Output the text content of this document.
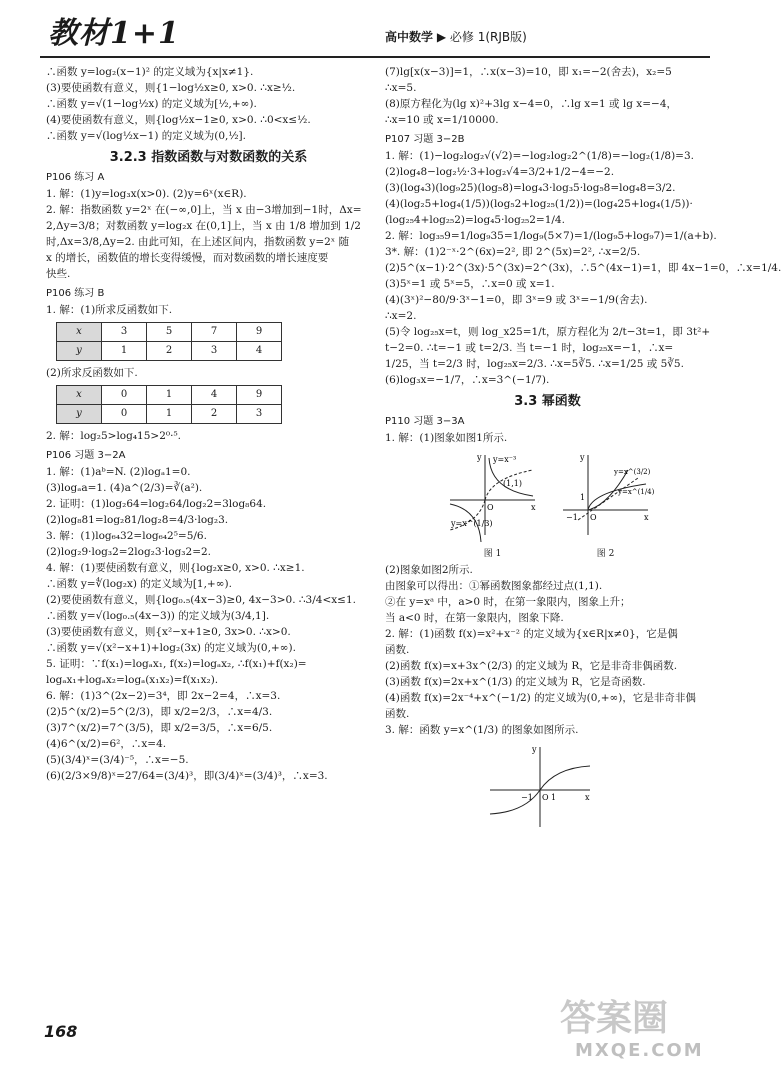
教材1+1	高中数学 ▶ 必修 1(RJB版)
∴函数 y=log₂(x−1)² 的定义域为{x|x≠1}.
(3)要使函数有意义，则{1−log½x≥0, x>0. ∴x≥½.
∴函数 y=√(1−log½x) 的定义域为[½,+∞).
(4)要使函数有意义，则{log½x−1≥0, x>0. ∴0<x≤½.
∴函数 y=√(log½x−1) 的定义域为(0,½].
3.2.3 指数函数与对数函数的关系
P106 练习 A
1. 解：(1)y=log₃x(x>0). (2)y=6ˣ(x∈R).
2. 解：指数函数 y=2ˣ 在(−∞,0]上，当 x 由−3增加到−1时，Δx=
2,Δy=3/8；对数函数 y=log₂x 在(0,1]上，当 x 由 1/8 增加到 1/2
时,Δx=3/8,Δy=2. 由此可知，在上述区间内，指数函数 y=2ˣ 随
x 的增长，函数值的增长变得缓慢，而对数函数的增长速度要
快些.
P106 练习 B
1. 解：(1)所求反函数如下.
x	3	5	7	9
y	1	2	3	4
(2)所求反函数如下.
x	0	1	4	9
y	0	1	2	3
2. 解：log₂5>log₄15>2⁰·⁵.
P106 习题 3−2A
1. 解：(1)aᵇ=N. (2)logₐ1=0.
(3)logₐa=1. (4)a^(2/3)=∛(a²).
2. 证明：(1)log₂64=log₂64/log₂2=3log₈64.
(2)log₈81=log₂81/log₂8=4/3·log₂3.
3. 解：(1)log₆₄32=log₆₄2⁵=5/6.
(2)log₂9·log₃2=2log₂3·log₃2=2.
4. 解：(1)要使函数有意义，则{log₂x≥0, x>0. ∴x≥1.
∴函数 y=∜(log₂x) 的定义域为[1,+∞).
(2)要使函数有意义，则{log₀.₅(4x−3)≥0, 4x−3>0. ∴3/4<x≤1.
∴函数 y=√(log₀.₅(4x−3)) 的定义域为(3/4,1].
(3)要使函数有意义，则{x²−x+1≥0, 3x>0. ∴x>0.
∴函数 y=√(x²−x+1)+log₂(3x) 的定义域为(0,+∞).
5. 证明：∵f(x₁)=logₐx₁, f(x₂)=logₐx₂, ∴f(x₁)+f(x₂)=
logₐx₁+logₐx₂=logₐ(x₁x₂)=f(x₁x₂).
6. 解：(1)3^(2x−2)=3⁴，即 2x−2=4，∴x=3.
(2)5^(x/2)=5^(2/3)，即 x/2=2/3，∴x=4/3.
(3)7^(x/2)=7^(3/5)，即 x/2=3/5，∴x=6/5.
(4)6^(x/2)=6²，∴x=4.
(5)(3/4)ˣ=(3/4)⁻⁵，∴x=−5.
(6)(2/3×9/8)ˣ=27/64=(3/4)³，即(3/4)ˣ=(3/4)³，∴x=3.
(7)lg[x(x−3)]=1，∴x(x−3)=10，即 x₁=−2(舍去)，x₂=5
∴x=5.
(8)原方程化为(lg x)²+3lg x−4=0，∴lg x=1 或 lg x=−4，
∴x=10 或 x=1/10000.
P107 习题 3−2B
1. 解：(1)−log₂log₂√(√2)=−log₂log₂2^(1/8)=−log₂(1/8)=3.
(2)log₄8−log₂½·3+log₂√4=3/2+1/2−4=−2.
(3)(log₄3)(log₉25)(log₅8)=log₄3·log₃5·log₅8=log₄8=3/2.
(4)(log₂5+log₄(1/5))(log₅2+log₂₅(1/2))=(log₄25+log₄(1/5))·
(log₂₅4+log₂₅2)=log₄5·log₂₅2=1/4.
2. 解：log₃₅9=1/log₉35=1/log₉(5×7)=1/(log₉5+log₉7)=1/(a+b).
3*. 解：(1)2⁻ˣ·2^(6x)=2², 即 2^(5x)=2², ∴x=2/5.
(2)5^(x−1)·2^(3x)·5^(3x)=2^(3x)，∴5^(4x−1)=1，即 4x−1=0，∴x=1/4.
(3)5ˣ=1 或 5ˣ=5，∴x=0 或 x=1.
(4)(3ˣ)²−80/9·3ˣ−1=0，即 3ˣ=9 或 3ˣ=−1/9(舍去).
∴x=2.
(5)令 log₂₅x=t，则 log_x25=1/t，原方程化为 2/t−3t=1，即 3t²+
t−2=0. ∴t=−1 或 t=2/3. 当 t=−1 时，log₂₅x=−1，∴x=
1/25，当 t=2/3 时，log₂₅x=2/3. ∴x=5∛5. ∴x=1/25 或 5∛5.
(6)log₃x=−1/7，∴x=3^(−1/7).
3.3 幂函数
P110 习题 3−3A
1. 解：(1)图象如图1所示.
y=x⁻³
y=x^(1/3)
(1,1)
O	x
y
图 1
y=x^(3/2)
y=x^(1/4)
−1
1
O	x
y
图 2
(2)图象如图2所示.
由图象可以得出：①幂函数图象都经过点(1,1).
②在 y=xᵃ 中，a>0 时，在第一象限内，图象上升；
当 a<0 时，在第一象限内，图象下降.
2. 解：(1)函数 f(x)=x²+x⁻² 的定义域为{x∈R|x≠0}，它是偶
函数.
(2)函数 f(x)=x+3x^(2/3) 的定义域为 R，它是非奇非偶函数.
(3)函数 f(x)=2x+x^(1/3) 的定义域为 R，它是奇函数.
(4)函数 f(x)=2x⁻⁴+x^(−1/2) 的定义域为(0,+∞)，它是非奇非偶
函数.
3. 解：函数 y=x^(1/3) 的图象如图所示.
−1 1
O	x
y
168	答案圈
MXQE.COM
